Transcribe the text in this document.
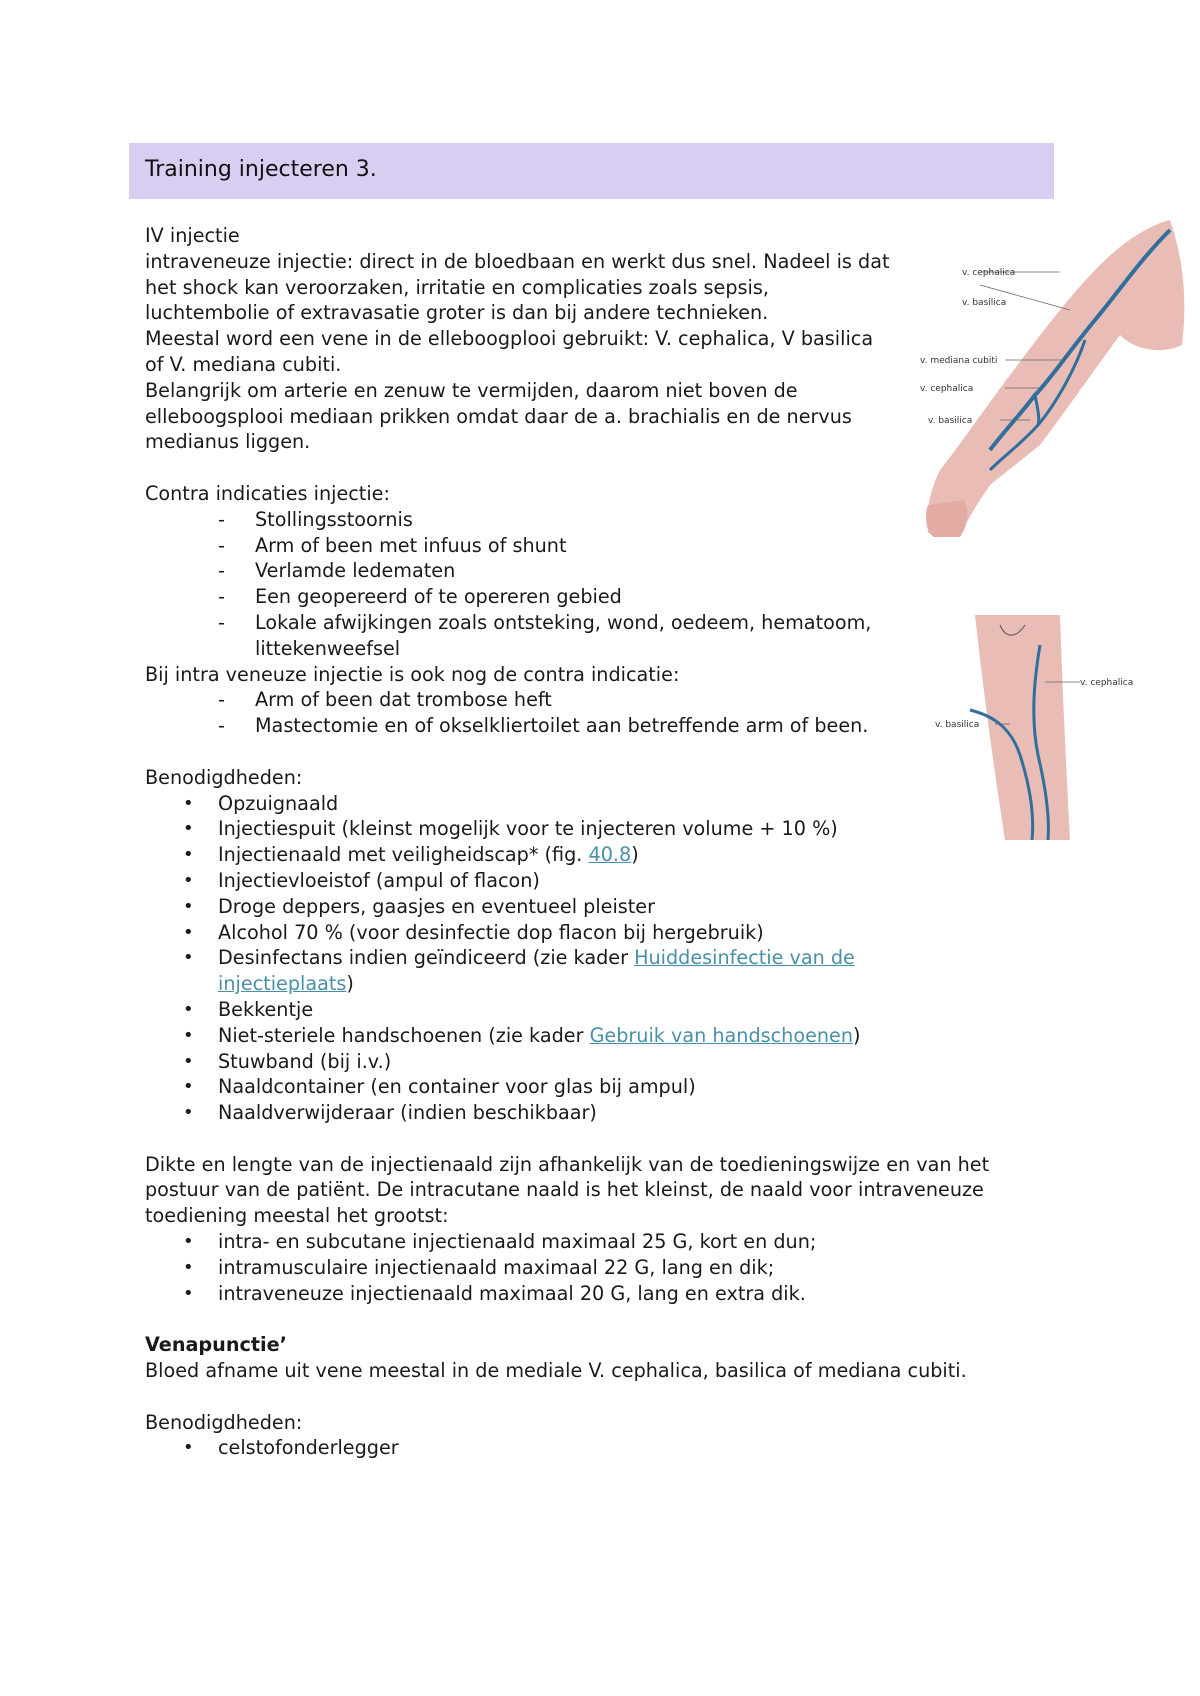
Training injecteren 3.
v. cephalica
v. basilica
v. mediana cubiti
v. cephalica
v. basilica
v. cephalica
v. basilica

IV injectie

intraveneuze injectie: direct in de bloedbaan en werkt dus snel. Nadeel is dat het shock kan veroorzaken, irritatie en complicaties zoals sepsis, luchtembolie of extravasatie groter is dan bij andere technieken.

Meestal word een vene in de elleboogplooi gebruikt: V. cephalica, V basilica of V. mediana cubiti.

Belangrijk om arterie en zenuw te vermijden, daarom niet boven de elleboogsplooi mediaan prikken omdat daar de a. brachialis en de nervus medianus liggen.

Contra indicaties injectie:

- Stollingsstoornis
- Arm of been met infuus of shunt
- Verlamde ledematen
- Een geopereerd of te opereren gebied
- Lokale afwijkingen zoals ontsteking, wond, oedeem, hematoom, littekenweefsel

Bij intra veneuze injectie is ook nog de contra indicatie:

- Arm of been dat trombose heft
- Mastectomie en of okselkliertoilet aan betreffende arm of been.

Benodigdheden:

• Opzuignaald
• Injectiespuit (kleinst mogelijk voor te injecteren volume + 10 %)
• Injectienaald met veiligheidscap* (fig. 40.8)
• Injectievloeistof (ampul of flacon)
• Droge deppers, gaasjes en eventueel pleister
• Alcohol 70 % (voor desinfectie dop flacon bij hergebruik)
• Desinfectans indien geïndiceerd (zie kader Huiddesinfectie van de injectieplaats)
• Bekkentje
• Niet-steriele handschoenen (zie kader Gebruik van handschoenen)
• Stuwband (bij i.v.)
• Naaldcontainer (en container voor glas bij ampul)
• Naaldverwijderaar (indien beschikbaar)

Dikte en lengte van de injectienaald zijn afhankelijk van de toedieningswijze en van het postuur van de patiënt. De intracutane naald is het kleinst, de naald voor intraveneuze toediening meestal het grootst:

• intra- en subcutane injectienaald maximaal 25 G, kort en dun;
• intramusculaire injectienaald maximaal 22 G, lang en dik;
• intraveneuze injectienaald maximaal 20 G, lang en extra dik.
Venapunctie’

Bloed afname uit vene meestal in de mediale V. cephalica, basilica of mediana cubiti.

Benodigdheden:

• celstofonderlegger
